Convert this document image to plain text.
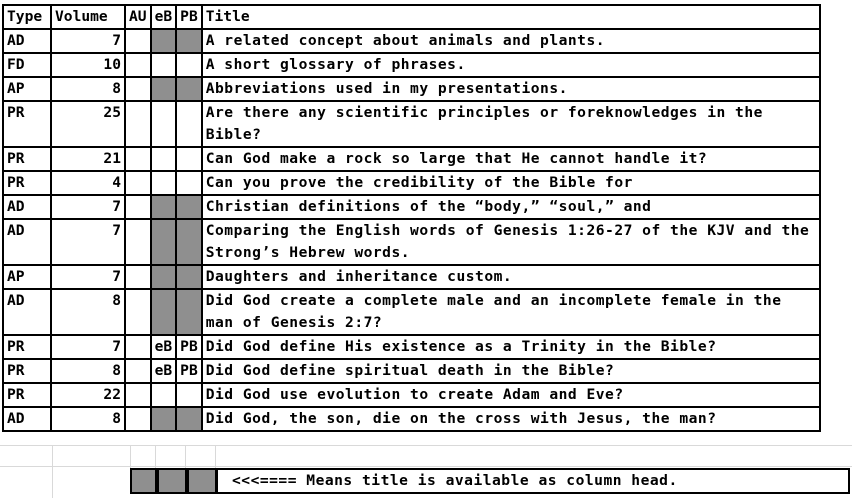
Type	Volume	AU	eB	PB	Title
AD	7				A related concept about animals and plants.
FD	10				A short glossary of phrases.
AP	8				Abbreviations used in my presentations.
PR	25				Are there any scientific principles or foreknowledges in the Bible?
PR	21				Can God make a rock so large that He cannot handle it?
PR	4				Can you prove the credibility of the Bible for
AD	7				Christian definitions of the “body,” “soul,” and
AD	7				Comparing the English words of Genesis 1:26-27 of the KJV and the Strong’s Hebrew words.
AP	7				Daughters and inheritance custom.
AD	8				Did God create a complete male and an incomplete female in the man of Genesis 2:7?
PR	7		eB	PB	Did God define His existence as a Trinity in the Bible?
PR	8		eB	PB	Did God define spiritual death in the Bible?
PR	22				Did God use evolution to create Adam and Eve?
AD	8				Did God, the son, die on the cross with Jesus, the man?
<<<==== Means title is available as column head.
